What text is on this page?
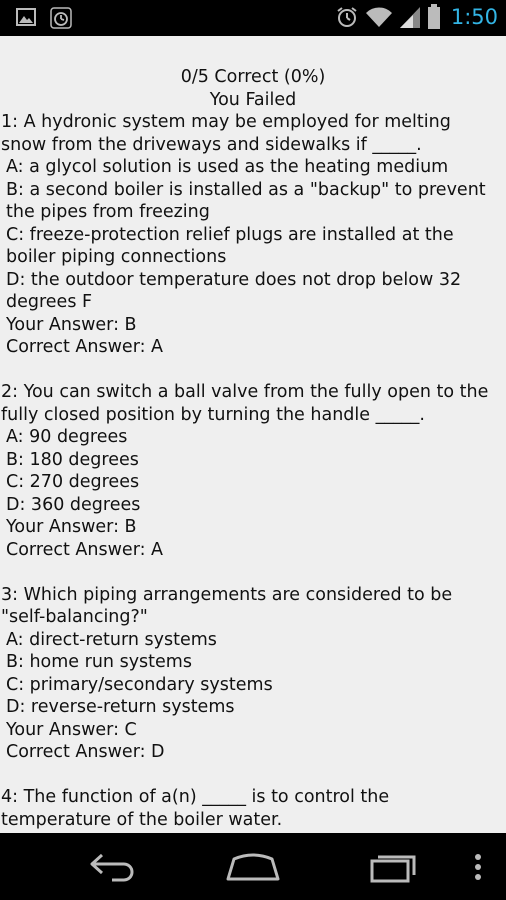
1:50
0/5 Correct (0%)
You Failed
1: A hydronic system may be employed for melting snow from the driveways and sidewalks if _____.
A: a glycol solution is used as the heating medium
B: a second boiler is installed as a "backup" to prevent the pipes from freezing
C: freeze-protection relief plugs are installed at the boiler piping connections
D: the outdoor temperature does not drop below 32 degrees F
Your Answer: B
Correct Answer: A
2: You can switch a ball valve from the fully open to the fully closed position by turning the handle _____.
A: 90 degrees
B: 180 degrees
C: 270 degrees
D: 360 degrees
Your Answer: B
Correct Answer: A
3: Which piping arrangements are considered to be "self-balancing?"
A: direct-return systems
B: home run systems
C: primary/secondary systems
D: reverse-return systems
Your Answer: C
Correct Answer: D
4: The function of a(n) _____ is to control the temperature of the boiler water.
